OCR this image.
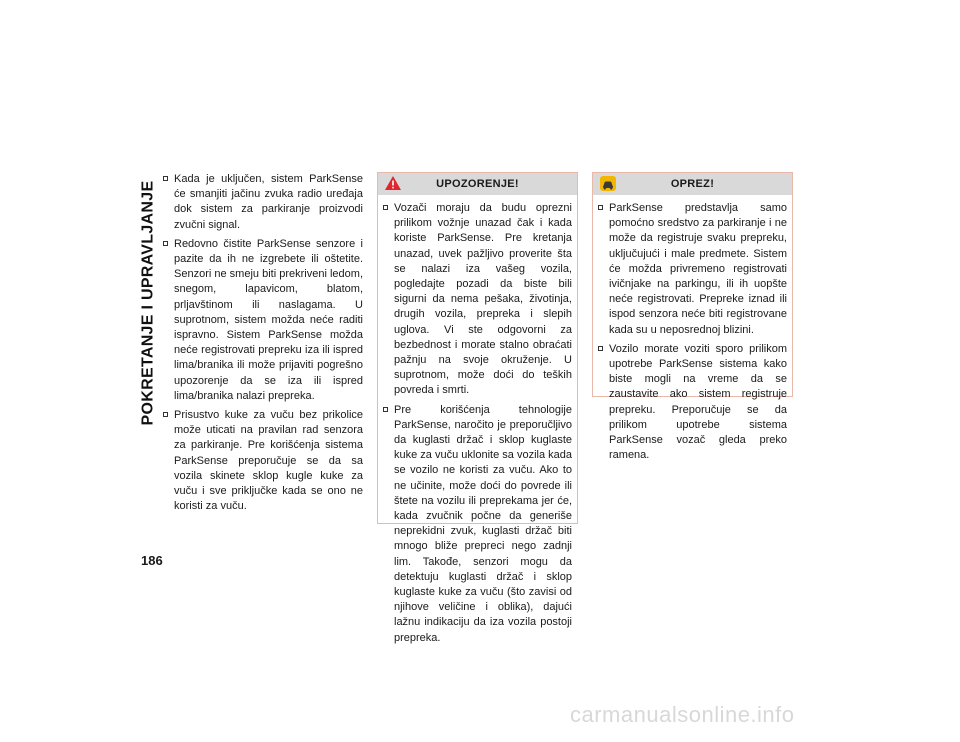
POKRETANJE I UPRAVLJANJE
186
Kada je uključen, sistem ParkSense će smanjiti jačinu zvuka radio uređaja dok sistem za parkiranje proizvodi zvučni signal.
Redovno čistite ParkSense senzore i pazite da ih ne izgrebete ili oštetite. Senzori ne smeju biti prekriveni ledom, snegom, lapavicom, blatom, prljavštinom ili naslagama. U suprotnom, sistem možda neće raditi ispravno. Sistem ParkSense možda neće registrovati prepreku iza ili ispred lima/branika ili može prijaviti pogrešno upozorenje da se iza ili ispred lima/branika nalazi prepreka.
Prisustvo kuke za vuču bez prikolice može uticati na pravilan rad senzora za parkiranje. Pre korišćenja sistema ParkSense preporučuje se da sa vozila skinete sklop kugle kuke za vuču i sve priključke kada se ono ne koristi za vuču.
UPOZORENJE!
Vozači moraju da budu oprezni prilikom vožnje unazad čak i kada koriste ParkSense. Pre kretanja unazad, uvek pažljivo proverite šta se nalazi iza vašeg vozila, pogledajte pozadi da biste bili sigurni da nema pešaka, životinja, drugih vozila, prepreka i slepih uglova. Vi ste odgovorni za bezbednost i morate stalno obraćati pažnju na svoje okruženje. U suprotnom, može doći do teških povreda i smrti.
Pre korišćenja tehnologije ParkSense, naročito je preporučljivo da kuglasti držač i sklop kuglaste kuke za vuču uklonite sa vozila kada se vozilo ne koristi za vuču. Ako to ne učinite, može doći do povrede ili štete na vozilu ili preprekama jer će, kada zvučnik počne da generiše neprekidni zvuk, kuglasti držač biti mnogo bliže prepreci nego zadnji lim. Takođe, senzori mogu da detektuju kuglasti držač i sklop kuglaste kuke za vuču (što zavisi od njihove veličine i oblika), dajući lažnu indikaciju da iza vozila postoji prepreka.
OPREZ!
ParkSense predstavlja samo pomoćno sredstvo za parkiranje i ne može da registruje svaku prepreku, uključujući i male predmete. Sistem će možda privremeno registrovati ivičnjake na parkingu, ili ih uopšte neće registrovati. Prepreke iznad ili ispod senzora neće biti registrovane kada su u neposrednoj blizini.
Vozilo morate voziti sporo prilikom upotrebe ParkSense sistema kako biste mogli na vreme da se zaustavite ako sistem registruje prepreku. Preporučuje se da prilikom upotrebe sistema ParkSense vozač gleda preko ramena.
carmanualsonline.info
